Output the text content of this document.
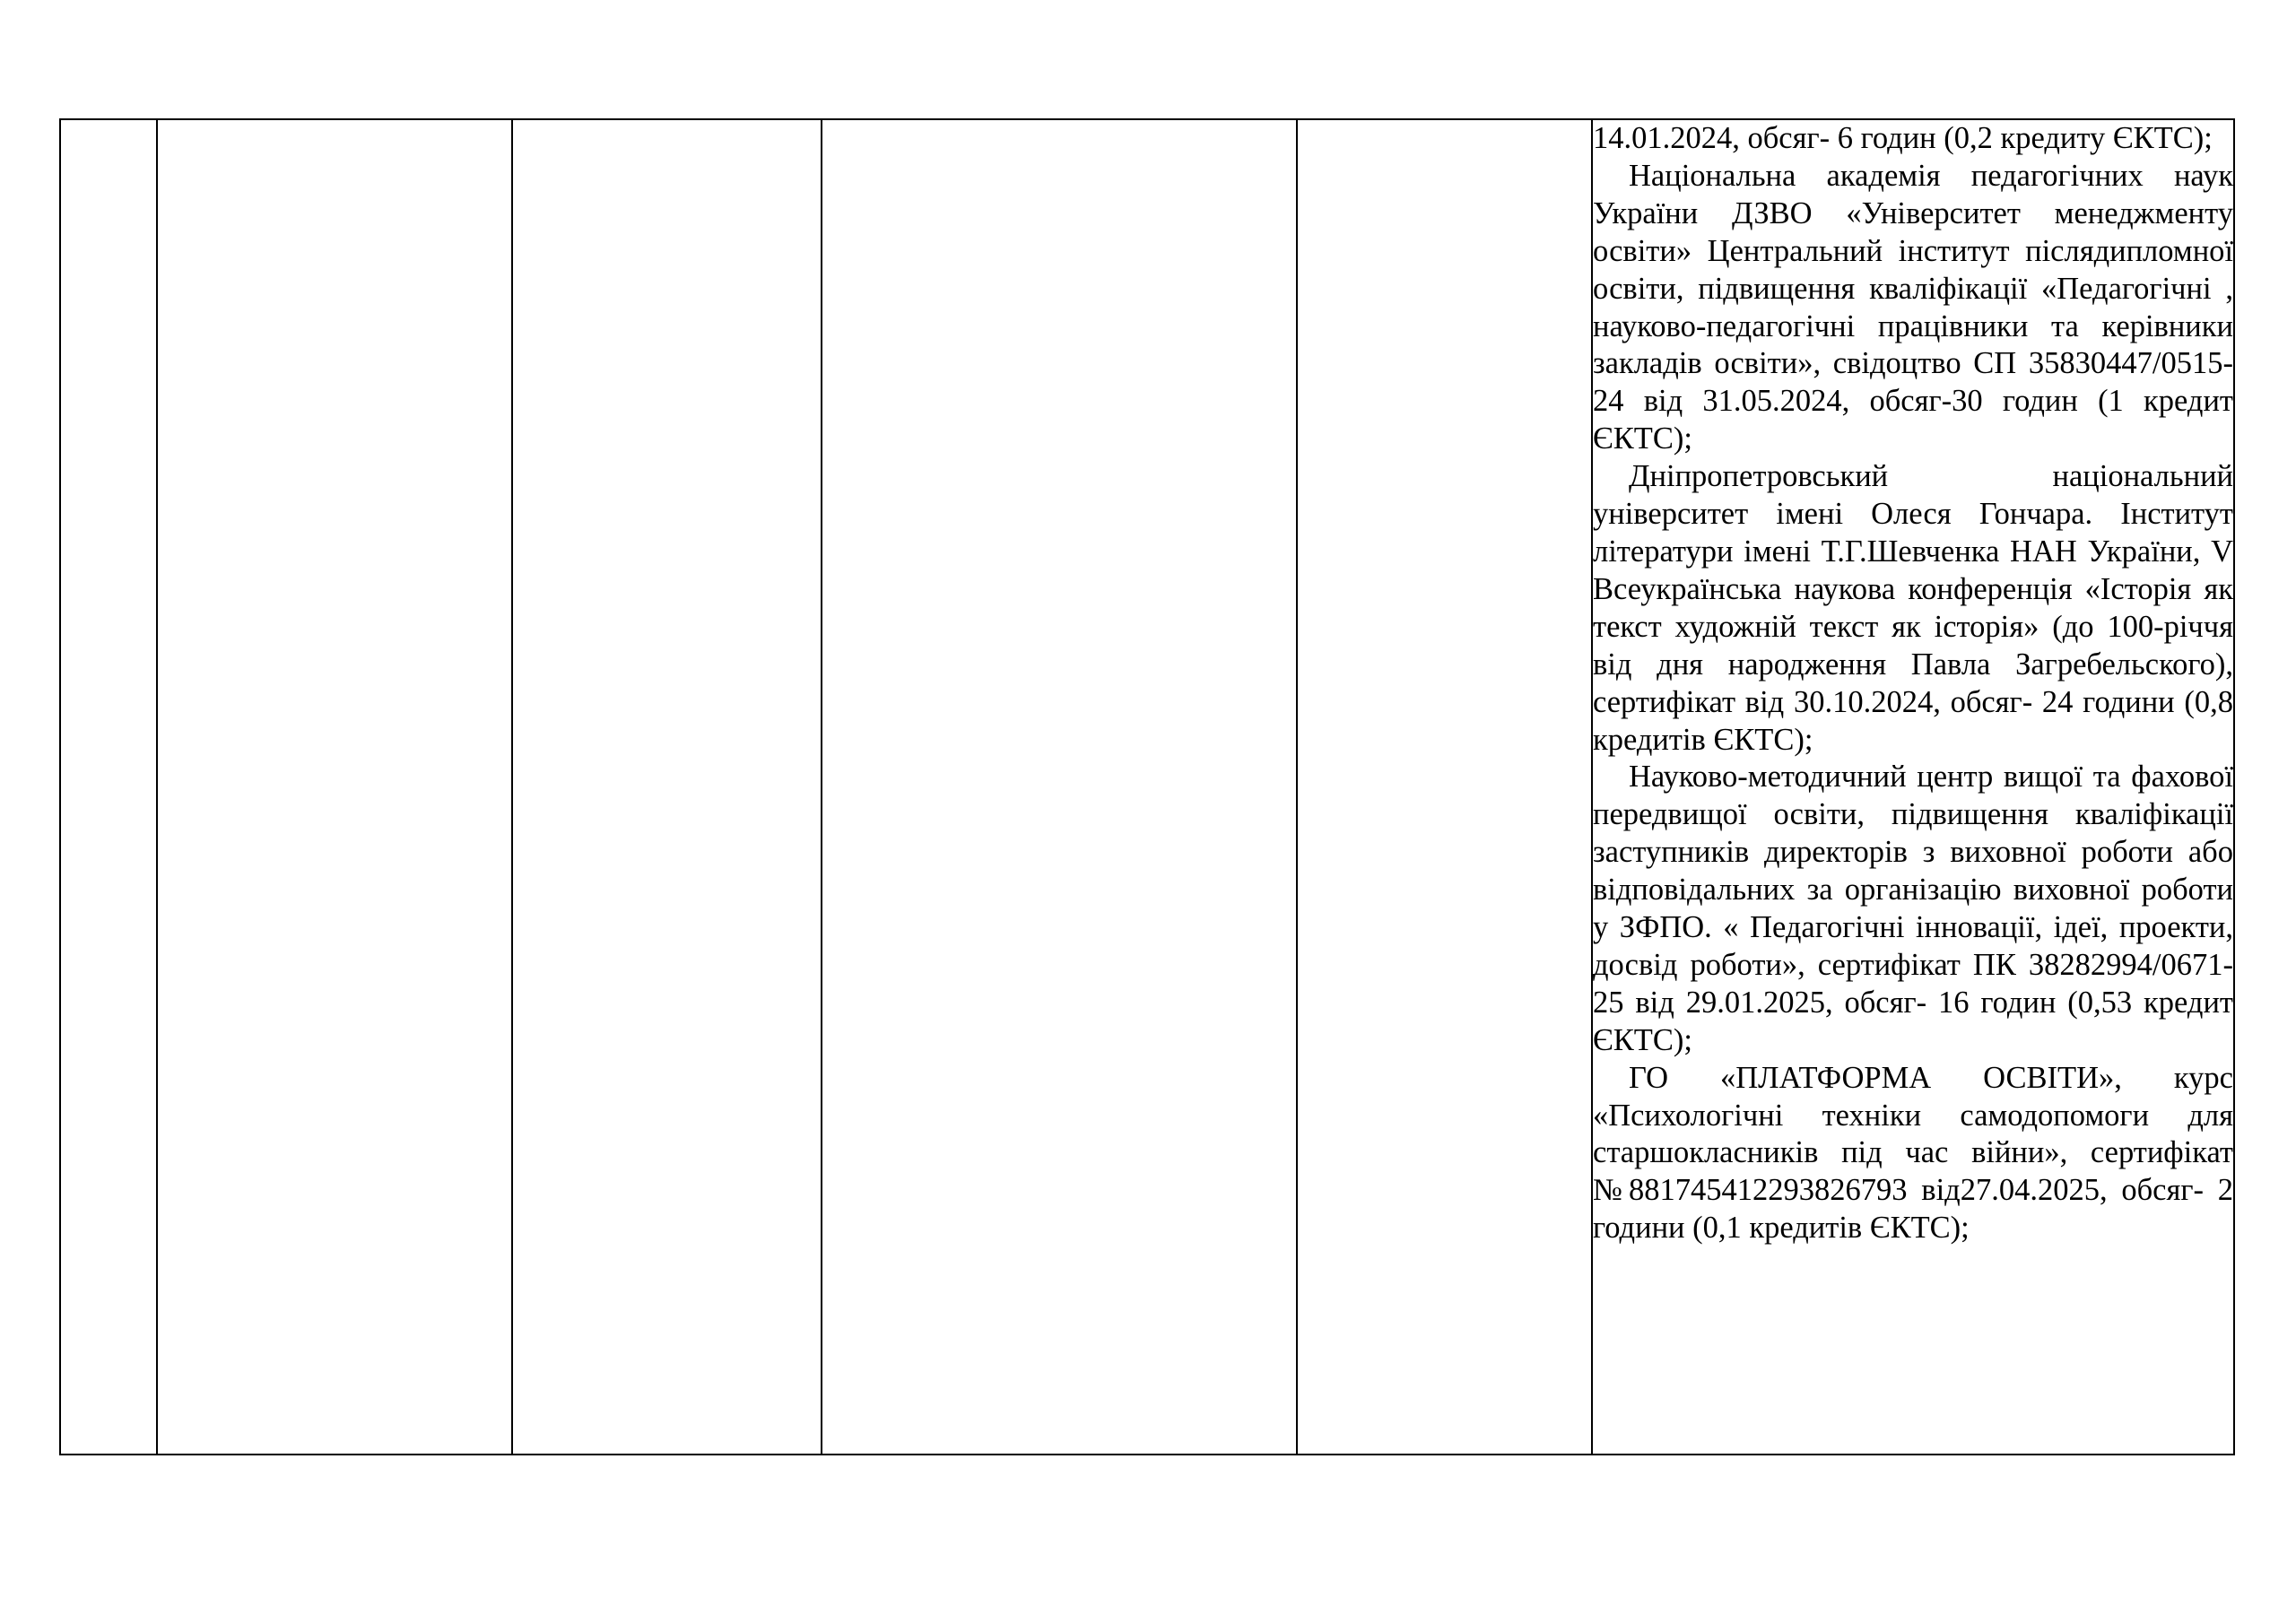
14.01.2024, обсяг- 6 годин (0,2 кредиту ЄКТС);

Національна академія педагогічних наук України ДЗВО «Університет менеджменту освіти» Центральний інститут післядипломної освіти, підвищення кваліфікації «Педагогічні , науково-педагогічні працівники та керівники закладів освіти», свідоцтво СП 35830447/0515-24 від 31.05.2024, обсяг-30 годин (1 кредит ЄКТС);

Дніпропетровський національний університет імені Олеся Гончара. Інститут літератури імені Т.Г.Шевченка НАН України, V Всеукраїнська наукова конференція «Історія як текст художній текст як історія» (до 100-річчя від дня народження Павла Загребельского), сертифікат від 30.10.2024, обсяг- 24 години (0,8 кредитів ЄКТС);

Науково-методичний центр вищої та фахової передвищої освіти, підвищення кваліфікації заступників директорів з виховної роботи або відповідальних за організацію виховної роботи у ЗФПО. « Педагогічні інновації, ідеї, проекти, досвід роботи», сертифікат ПК 38282994/0671-25 від 29.01.2025, обсяг- 16 годин (0,53 кредит ЄКТС);

ГО «ПЛАТФОРМА ОСВІТИ», курс «Психологічні техніки самодопомоги для старшокласників під час війни», сертифікат №881745412293826793 від27.04.2025, обсяг- 2 години (0,1 кредитів ЄКТС);
